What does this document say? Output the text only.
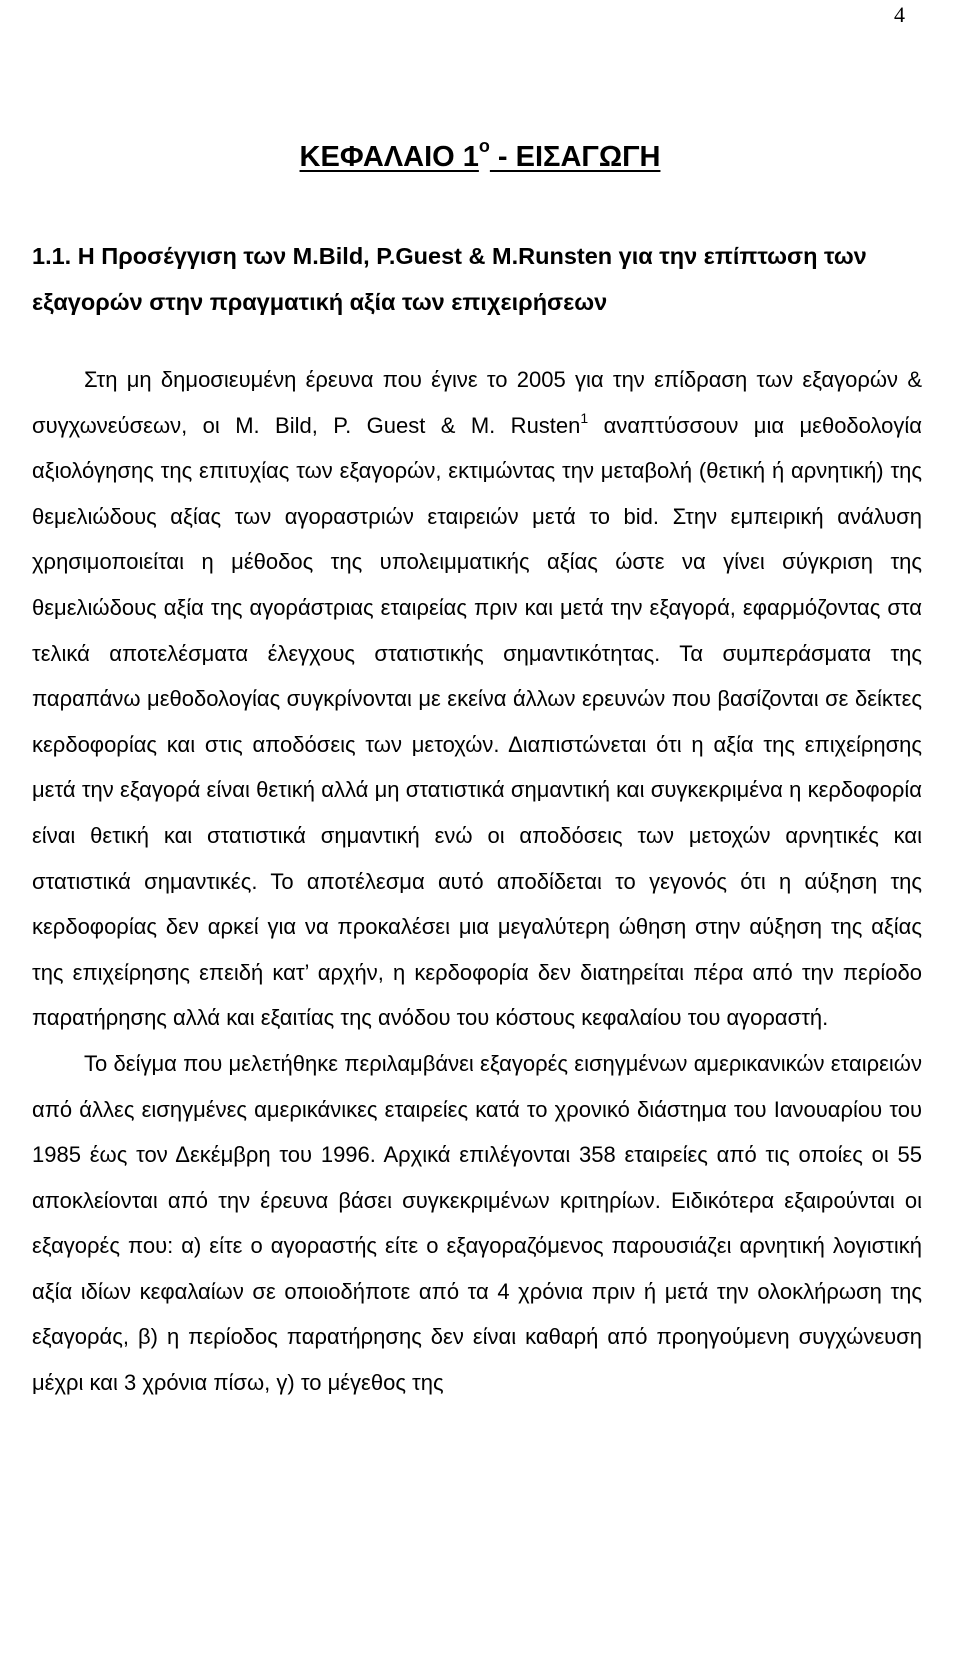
4
ΚΕΦΑΛΑΙΟ $1^o$ - ΕΙΣΑΓΩΓΗ
1.1. Η Προσέγγιση των M.Bild, P.Guest & M.Runsten για την επίπτωση των εξαγορών στην πραγματική αξία των επιχειρήσεων

Στη μη δημοσιευμένη έρευνα που έγινε το 2005 για την επίδραση των εξαγορών & συγχωνεύσεων, οι M. Bild, P. Guest & M. Rusten$^1$ αναπτύσσουν μια μεθοδολογία αξιολόγησης της επιτυχίας των εξαγορών, εκτιμώντας την μεταβολή (θετική ή αρνητική) της θεμελιώδους αξίας των αγοραστριών εταιρειών μετά το bid. Στην εμπειρική ανάλυση χρησιμοποιείται η μέθοδος της υπολειμματικής αξίας ώστε να γίνει σύγκριση της θεμελιώδους αξία της αγοράστριας εταιρείας πριν και μετά την εξαγορά, εφαρμόζοντας στα τελικά αποτελέσματα έλεγχους στατιστικής σημαντικότητας. Τα συμπεράσματα της παραπάνω μεθοδολογίας συγκρίνονται με εκείνα άλλων ερευνών που βασίζονται σε δείκτες κερδοφορίας και στις αποδόσεις των μετοχών. Διαπιστώνεται ότι η αξία της επιχείρησης μετά την εξαγορά είναι θετική αλλά μη στατιστικά σημαντική και συγκεκριμένα η κερδοφορία είναι θετική και στατιστικά σημαντική ενώ οι αποδόσεις των μετοχών αρνητικές και στατιστικά σημαντικές. Το αποτέλεσμα αυτό αποδίδεται το γεγονός ότι η αύξηση της κερδοφορίας δεν αρκεί για να προκαλέσει μια μεγαλύτερη ώθηση στην αύξηση της αξίας της επιχείρησης επειδή κατ’ αρχήν, η κερδοφορία δεν διατηρείται πέρα από την περίοδο παρατήρησης αλλά και εξαιτίας της ανόδου του κόστους κεφαλαίου του αγοραστή.

Το δείγμα που μελετήθηκε περιλαμβάνει εξαγορές εισηγμένων αμερικανικών εταιρειών από άλλες εισηγμένες αμερικάνικες εταιρείες κατά το χρονικό διάστημα του Ιανουαρίου του 1985 έως τον Δεκέμβρη του 1996. Αρχικά επιλέγονται 358 εταιρείες από τις οποίες οι 55 αποκλείονται από την έρευνα βάσει συγκεκριμένων κριτηρίων. Ειδικότερα εξαιρούνται οι εξαγορές που: α) είτε ο αγοραστής είτε ο εξαγοραζόμενος παρουσιάζει αρνητική λογιστική αξία ιδίων κεφαλαίων σε οποιοδήποτε από τα 4 χρόνια πριν ή μετά την ολοκλήρωση της εξαγοράς, β) η περίοδος παρατήρησης δεν είναι καθαρή από προηγούμενη συγχώνευση μέχρι και 3 χρόνια πίσω, γ) το μέγεθος της
